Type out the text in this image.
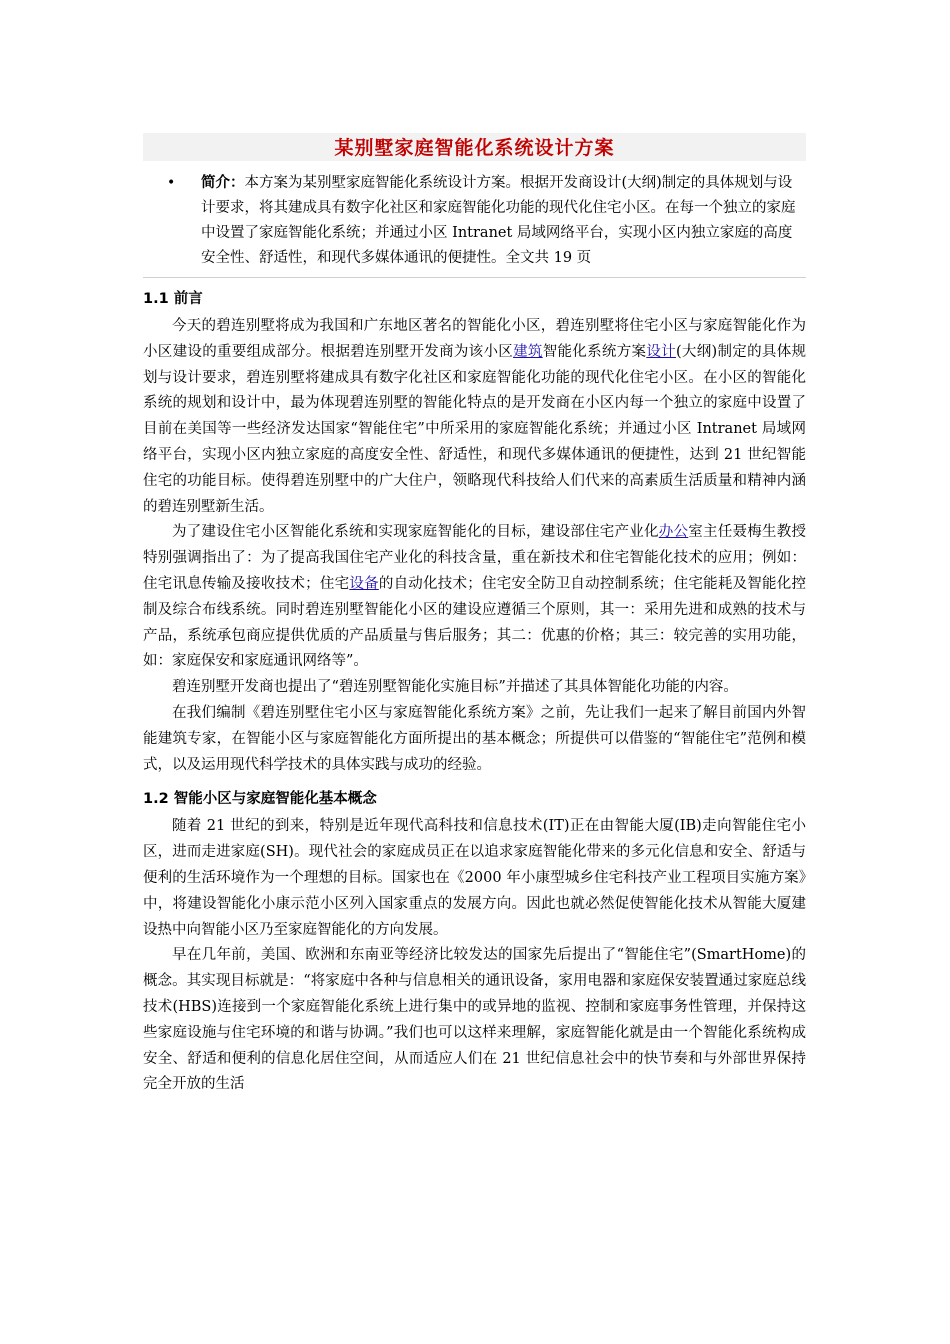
某别墅家庭智能化系统设计方案
• 简介：本方案为某别墅家庭智能化系统设计方案。根据开发商设计(大纲)制定的具体规划与设计要求，将其建成具有数字化社区和家庭智能化功能的现代化住宅小区。在每一个独立的家庭中设置了家庭智能化系统；并通过小区 Intranet 局域网络平台，实现小区内独立家庭的高度安全性、舒适性，和现代多媒体通讯的便捷性。全文共 19 页
1.1 前言

今天的碧连别墅将成为我国和广东地区著名的智能化小区，碧连别墅将住宅小区与家庭智能化作为小区建设的重要组成部分。根据碧连别墅开发商为该小区建筑智能化系统方案设计(大纲)制定的具体规划与设计要求，碧连别墅将建成具有数字化社区和家庭智能化功能的现代化住宅小区。在小区的智能化系统的规划和设计中，最为体现碧连别墅的智能化特点的是开发商在小区内每一个独立的家庭中设置了目前在美国等一些经济发达国家“智能住宅”中所采用的家庭智能化系统；并通过小区 Intranet 局域网络平台，实现小区内独立家庭的高度安全性、舒适性，和现代多媒体通讯的便捷性，达到 21 世纪智能住宅的功能目标。使得碧连别墅中的广大住户，领略现代科技给人们代来的高素质生活质量和精神内涵的碧连别墅新生活。

为了建设住宅小区智能化系统和实现家庭智能化的目标，建设部住宅产业化办公室主任聂梅生教授特别强调指出了：为了提高我国住宅产业化的科技含量，重在新技术和住宅智能化技术的应用；例如：住宅讯息传输及接收技术；住宅设备的自动化技术；住宅安全防卫自动控制系统；住宅能耗及智能化控制及综合布线系统。同时碧连别墅智能化小区的建设应遵循三个原则，其一：采用先进和成熟的技术与产品，系统承包商应提供优质的产品质量与售后服务；其二：优惠的价格；其三：较完善的实用功能，如：家庭保安和家庭通讯网络等”。

碧连别墅开发商也提出了“碧连别墅智能化实施目标”并描述了其具体智能化功能的内容。

在我们编制《碧连别墅住宅小区与家庭智能化系统方案》之前，先让我们一起来了解目前国内外智能建筑专家，在智能小区与家庭智能化方面所提出的基本概念；所提供可以借鉴的“智能住宅”范例和模式，以及运用现代科学技术的具体实践与成功的经验。

1.2 智能小区与家庭智能化基本概念

随着 21 世纪的到来，特别是近年现代高科技和信息技术(IT)正在由智能大厦(IB)走向智能住宅小区，进而走进家庭(SH)。现代社会的家庭成员正在以追求家庭智能化带来的多元化信息和安全、舒适与便利的生活环境作为一个理想的目标。国家也在《2000 年小康型城乡住宅科技产业工程项目实施方案》中，将建设智能化小康示范小区列入国家重点的发展方向。因此也就必然促使智能化技术从智能大厦建设热中向智能小区乃至家庭智能化的方向发展。

早在几年前，美国、欧洲和东南亚等经济比较发达的国家先后提出了“智能住宅”(SmartHome)的概念。其实现目标就是：“将家庭中各种与信息相关的通讯设备，家用电器和家庭保安装置通过家庭总线技术(HBS)连接到一个家庭智能化系统上进行集中的或异地的监视、控制和家庭事务性管理，并保持这些家庭设施与住宅环境的和谐与协调。”我们也可以这样来理解，家庭智能化就是由一个智能化系统构成安全、舒适和便利的信息化居住空间，从而适应人们在 21 世纪信息社会中的快节奏和与外部世界保持完全开放的生活
